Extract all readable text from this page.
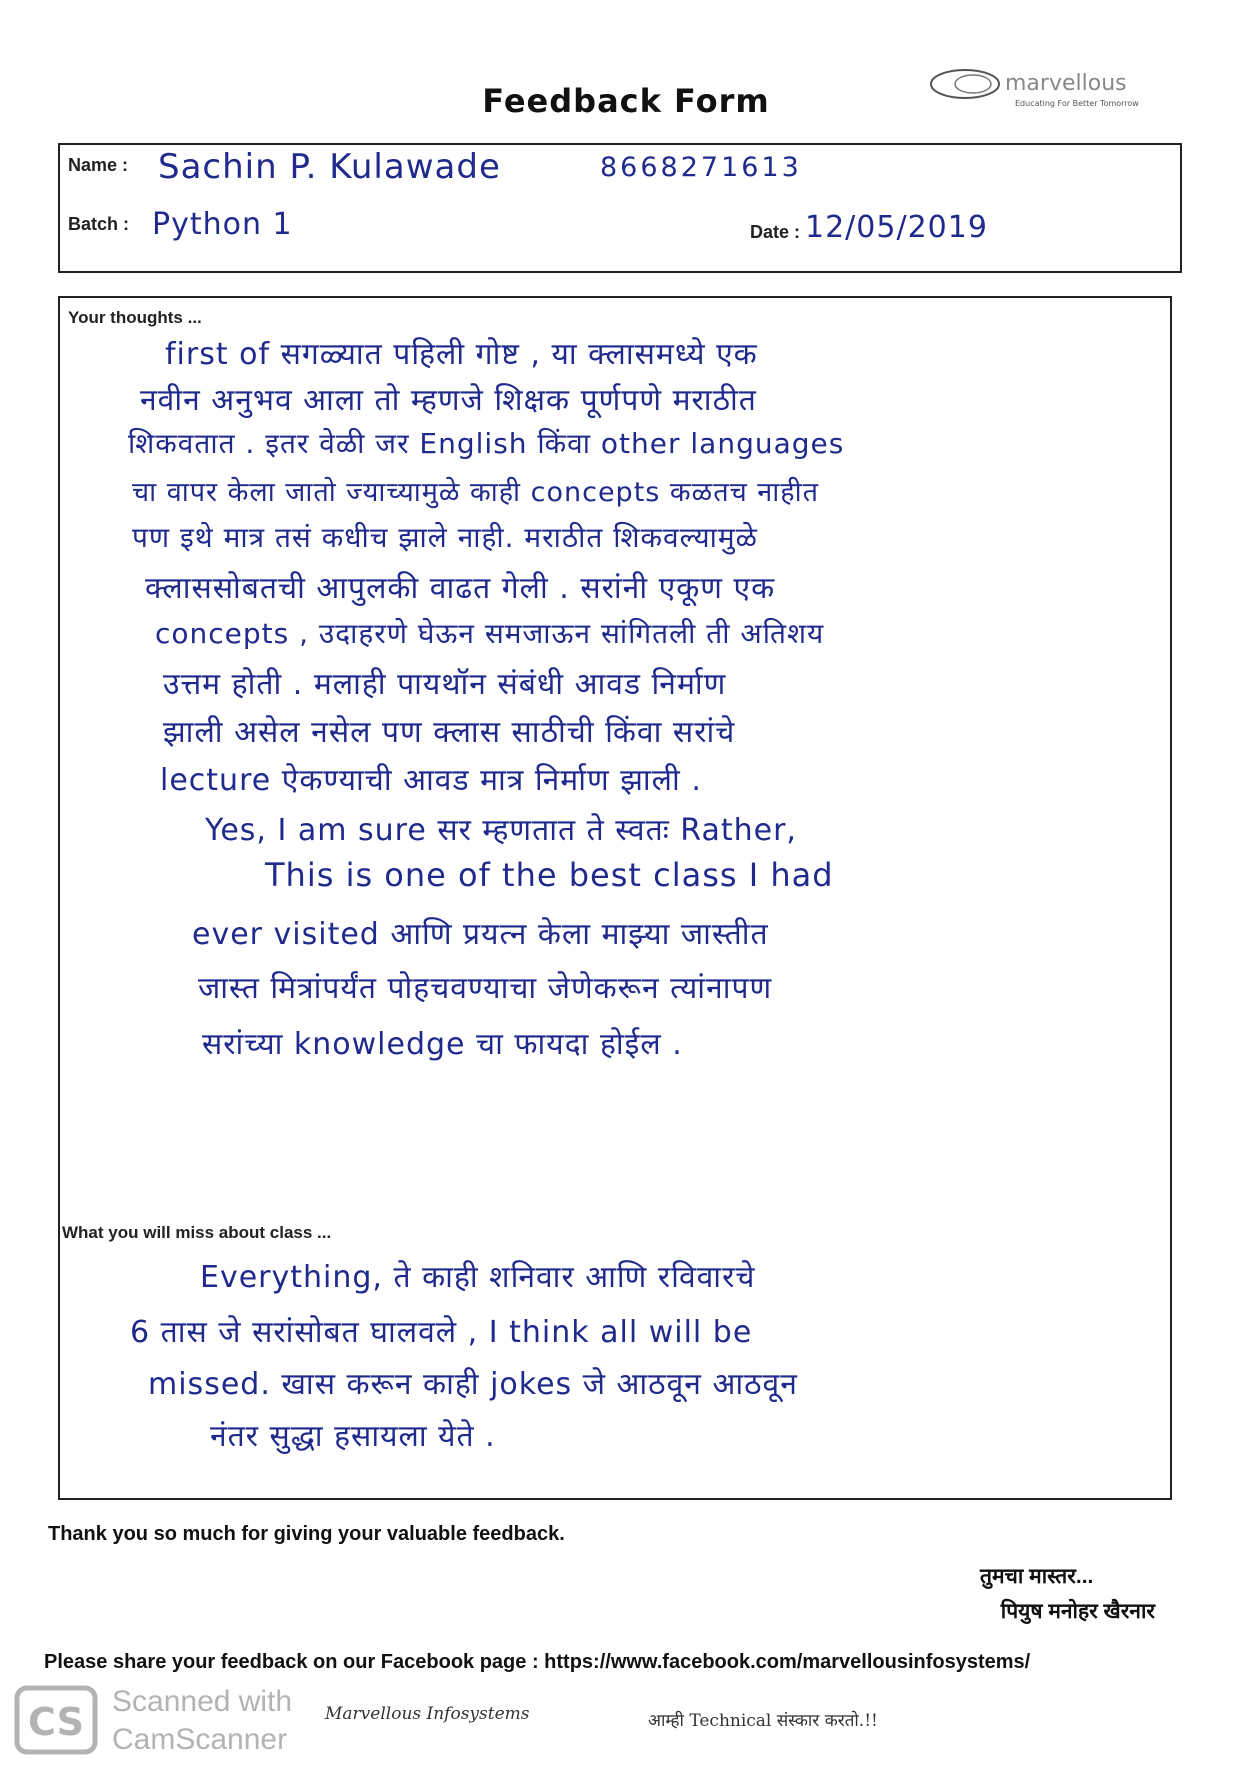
Feedback Form	marvellous
Educating For Better Tomorrow
Name : Sachin P. Kulawade	8668271613
Batch : Python 1	Date : 12/05/2019
Your thoughts ...
first of सगळ्यात पहिली गोष्ट , या क्लासमध्ये एक
नवीन अनुभव आला तो म्हणजे शिक्षक पूर्णपणे मराठीत
शिकवतात . इतर वेळी जर English किंवा other languages
चा वापर केला जातो ज्याच्यामुळे काही concepts कळतच नाहीत
पण इथे मात्र तसं कधीच झाले नाही. मराठीत शिकवल्यामुळे
क्लाससोबतची आपुलकी वाढत गेली . सरांनी एकूण एक
concepts , उदाहरणे घेऊन समजाऊन सांगितली ती अतिशय
उत्तम होती . मलाही पायथॉन संबंधी आवड निर्माण
झाली असेल नसेल पण क्लास साठीची किंवा सरांचे
lecture ऐकण्याची आवड मात्र निर्माण झाली .
Yes, I am sure सर म्हणतात ते स्वतः Rather,
This is one of the best class I had
ever visited आणि प्रयत्न केला माझ्या जास्तीत
जास्त मित्रांपर्यंत पोहचवण्याचा जेणेकरून त्यांनापण
सरांच्या knowledge चा फायदा होईल .
What you will miss about class ...
Everything, ते काही शनिवार आणि रविवारचे
6 तास जे सरांसोबत घालवले , I think all will be
missed. खास करून काही jokes जे आठवून आठवून
नंतर सुद्धा हसायला येते .
Thank you so much for giving your valuable feedback.
तुमचा मास्तर...
पियुष मनोहर खैरनार
Please share your feedback on our Facebook page : https://www.facebook.com/marvellousinfosystems/
CS Scanned with
CamScanner
Marvellous Infosystems	आम्ही Technical संस्कार करतो.!!
